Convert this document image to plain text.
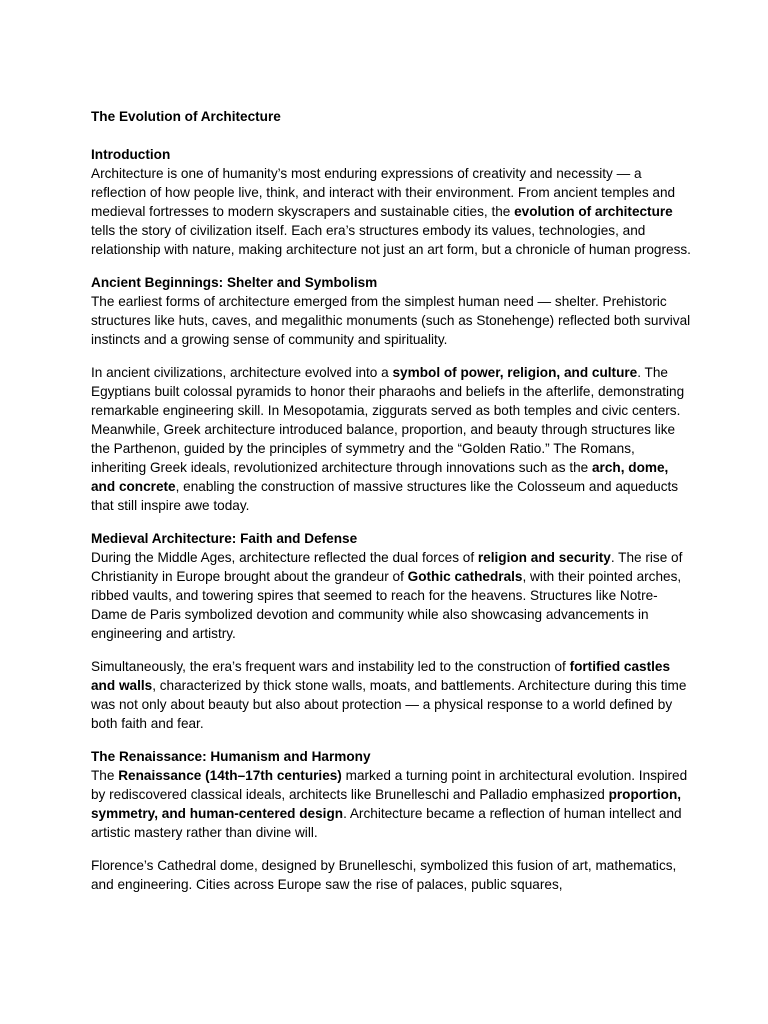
The Evolution of Architecture

Introduction

Architecture is one of humanity’s most enduring expressions of creativity and necessity — a reflection of how people live, think, and interact with their environment. From ancient temples and medieval fortresses to modern skyscrapers and sustainable cities, the evolution of architecture tells the story of civilization itself. Each era’s structures embody its values, technologies, and relationship with nature, making architecture not just an art form, but a chronicle of human progress.

Ancient Beginnings: Shelter and Symbolism

The earliest forms of architecture emerged from the simplest human need — shelter. Prehistoric structures like huts, caves, and megalithic monuments (such as Stonehenge) reflected both survival instincts and a growing sense of community and spirituality.

In ancient civilizations, architecture evolved into a symbol of power, religion, and culture. The Egyptians built colossal pyramids to honor their pharaohs and beliefs in the afterlife, demonstrating remarkable engineering skill. In Mesopotamia, ziggurats served as both temples and civic centers. Meanwhile, Greek architecture introduced balance, proportion, and beauty through structures like the Parthenon, guided by the principles of symmetry and the “Golden Ratio.” The Romans, inheriting Greek ideals, revolutionized architecture through innovations such as the arch, dome, and concrete, enabling the construction of massive structures like the Colosseum and aqueducts that still inspire awe today.

Medieval Architecture: Faith and Defense

During the Middle Ages, architecture reflected the dual forces of religion and security. The rise of Christianity in Europe brought about the grandeur of Gothic cathedrals, with their pointed arches, ribbed vaults, and towering spires that seemed to reach for the heavens. Structures like Notre-Dame de Paris symbolized devotion and community while also showcasing advancements in engineering and artistry.

Simultaneously, the era’s frequent wars and instability led to the construction of fortified castles and walls, characterized by thick stone walls, moats, and battlements. Architecture during this time was not only about beauty but also about protection — a physical response to a world defined by both faith and fear.

The Renaissance: Humanism and Harmony

The Renaissance (14th–17th centuries) marked a turning point in architectural evolution. Inspired by rediscovered classical ideals, architects like Brunelleschi and Palladio emphasized proportion, symmetry, and human-centered design. Architecture became a reflection of human intellect and artistic mastery rather than divine will.

Florence’s Cathedral dome, designed by Brunelleschi, symbolized this fusion of art, mathematics, and engineering. Cities across Europe saw the rise of palaces, public squares,
